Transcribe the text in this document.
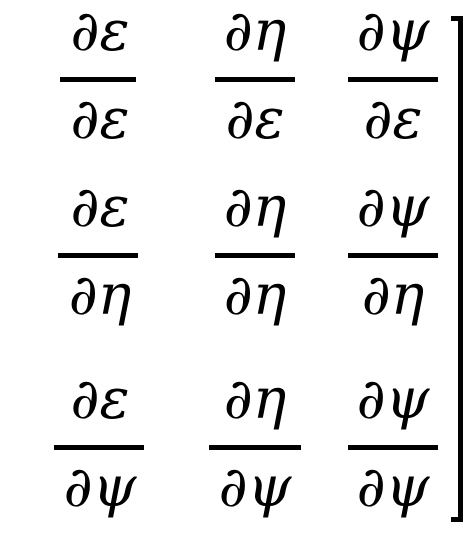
∂ε
∂ε
∂η
∂ε
∂ψ
∂ε
∂ε
∂η
∂η
∂η
∂ψ
∂η
∂ε
∂ψ
∂η
∂ψ
∂ψ
∂ψ
